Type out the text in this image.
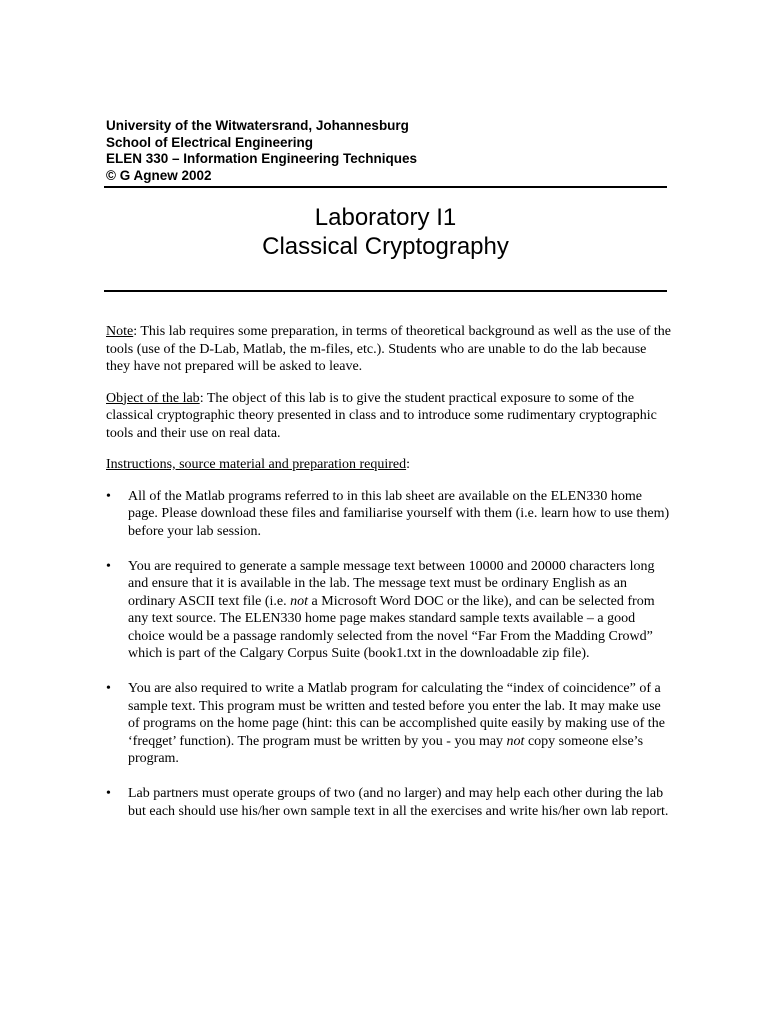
University of the Witwatersrand, Johannesburg
School of Electrical Engineering
ELEN 330 – Information Engineering Techniques
© G Agnew 2002
Laboratory I1
Classical Cryptography

Note: This lab requires some preparation, in terms of theoretical background as well as the use of the tools (use of the D-Lab, Matlab, the m-files, etc.). Students who are unable to do the lab because they have not prepared will be asked to leave.

Object of the lab: The object of this lab is to give the student practical exposure to some of the classical cryptographic theory presented in class and to introduce some rudimentary cryptographic tools and their use on real data.

Instructions, source material and preparation required:

• All of the Matlab programs referred to in this lab sheet are available on the ELEN330 home page. Please download these files and familiarise yourself with them (i.e. learn how to use them) before your lab session.
• You are required to generate a sample message text between 10000 and 20000 characters long and ensure that it is available in the lab. The message text must be ordinary English as an ordinary ASCII text file (i.e. not a Microsoft Word DOC or the like), and can be selected from any text source. The ELEN330 home page makes standard sample texts available – a good choice would be a passage randomly selected from the novel “Far From the Madding Crowd” which is part of the Calgary Corpus Suite (book1.txt in the downloadable zip file).
• You are also required to write a Matlab program for calculating the “index of coincidence” of a sample text. This program must be written and tested before you enter the lab. It may make use of programs on the home page (hint: this can be accomplished quite easily by making use of the ‘freqget’ function). The program must be written by you - you may not copy someone else’s program.
• Lab partners must operate groups of two (and no larger) and may help each other during the lab but each should use his/her own sample text in all the exercises and write his/her own lab report.
